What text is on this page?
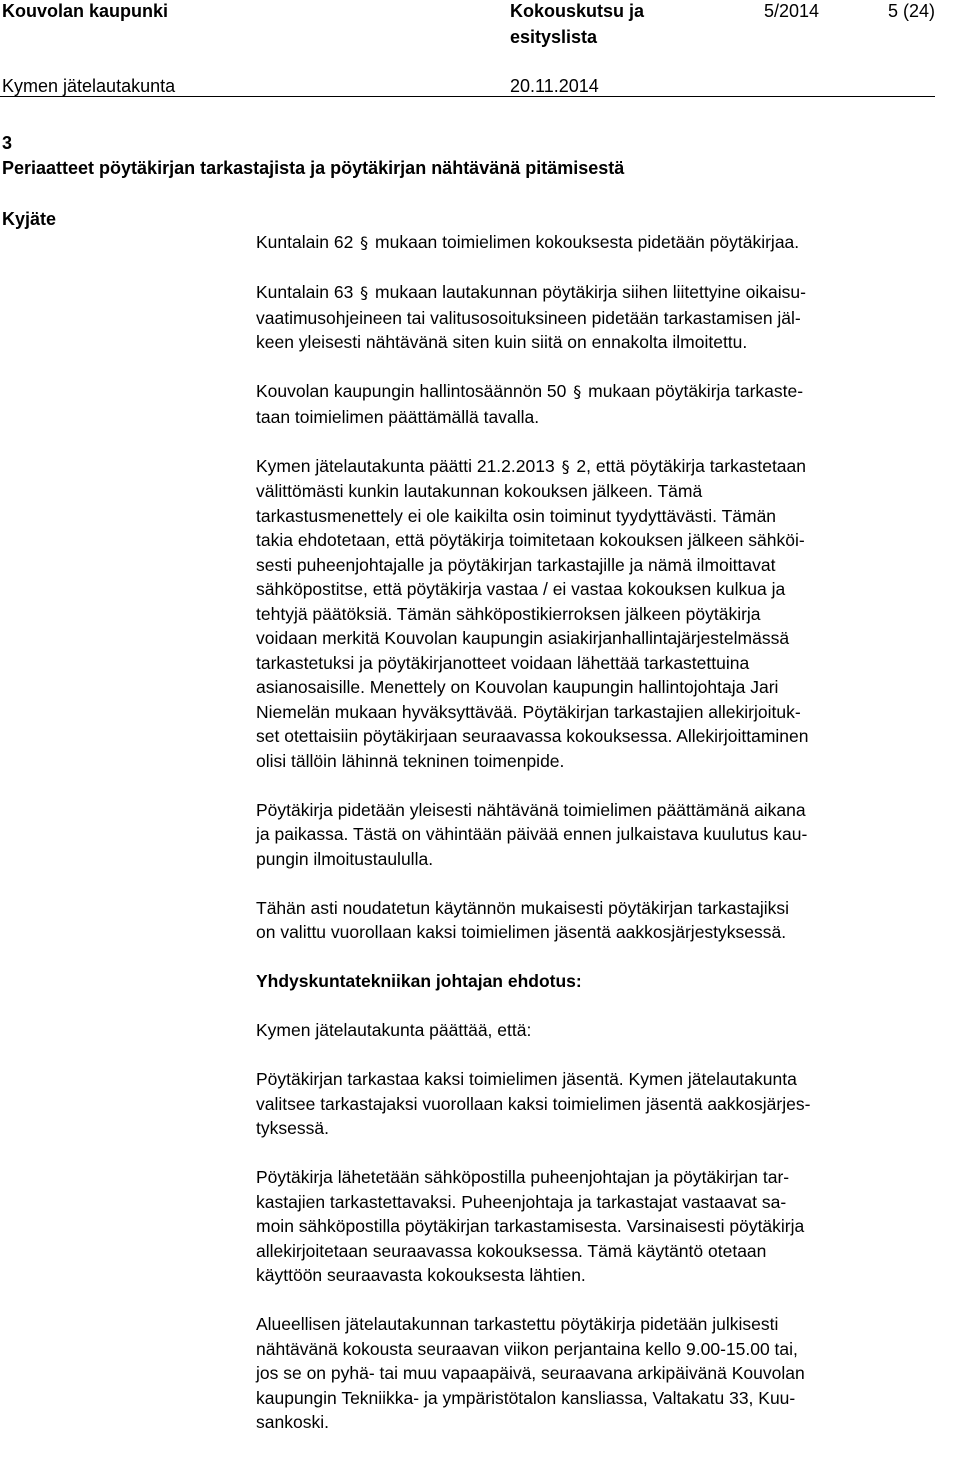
Kouvolan kaupunki	Kokouskutsu ja
esityslista
5/2014	5 (24)
Kymen jätelautakunta	20.11.2014
3
Periaatteet pöytäkirjan tarkastajista ja pöytäkirjan nähtävänä pitämisestä
Kyjäte

Kuntalain 62 § mukaan toimielimen kokouksesta pidetään pöytäkirjaa.

Kuntalain 63 § mukaan lautakunnan pöytäkirja siihen liitettyine oikaisu-
vaatimusohjeineen tai valitusosoituksineen pidetään tarkastamisen jäl-
keen yleisesti nähtävänä siten kuin siitä on ennakolta ilmoitettu.

Kouvolan kaupungin hallintosäännön 50 § mukaan pöytäkirja tarkaste-
taan toimielimen päättämällä tavalla.

Kymen jätelautakunta päätti 21.2.2013 § 2, että pöytäkirja tarkastetaan
välittömästi kunkin lautakunnan kokouksen jälkeen. Tämä
tarkastusmenettely ei ole kaikilta osin toiminut tyydyttävästi. Tämän
takia ehdotetaan, että pöytäkirja toimitetaan kokouksen jälkeen sähköi-
sesti puheenjohtajalle ja pöytäkirjan tarkastajille ja nämä ilmoittavat
sähköpostitse, että pöytäkirja vastaa / ei vastaa kokouksen kulkua ja
tehtyjä päätöksiä. Tämän sähköpostikierroksen jälkeen pöytäkirja
voidaan merkitä Kouvolan kaupungin asiakirjanhallintajärjestelmässä
tarkastetuksi ja pöytäkirjanotteet voidaan lähettää tarkastettuina
asianosaisille. Menettely on Kouvolan kaupungin hallintojohtaja Jari
Niemelän mukaan hyväksyttävää. Pöytäkirjan tarkastajien allekirjoituk-
set otettaisiin pöytäkirjaan seuraavassa kokouksessa. Allekirjoittaminen
olisi tällöin lähinnä tekninen toimenpide.

Pöytäkirja pidetään yleisesti nähtävänä toimielimen päättämänä aikana
ja paikassa. Tästä on vähintään päivää ennen julkaistava kuulutus kau-
pungin ilmoitustaululla.

Tähän asti noudatetun käytännön mukaisesti pöytäkirjan tarkastajiksi
on valittu vuorollaan kaksi toimielimen jäsentä aakkosjärjestyksessä.

Yhdyskuntatekniikan johtajan ehdotus:

Kymen jätelautakunta päättää, että:

Pöytäkirjan tarkastaa kaksi toimielimen jäsentä. Kymen jätelautakunta
valitsee tarkastajaksi vuorollaan kaksi toimielimen jäsentä aakkosjärjes-
tyksessä.

Pöytäkirja lähetetään sähköpostilla puheenjohtajan ja pöytäkirjan tar-
kastajien tarkastettavaksi. Puheenjohtaja ja tarkastajat vastaavat sa-
moin sähköpostilla pöytäkirjan tarkastamisesta. Varsinaisesti pöytäkirja
allekirjoitetaan seuraavassa kokouksessa. Tämä käytäntö otetaan
käyttöön seuraavasta kokouksesta lähtien.

Alueellisen jätelautakunnan tarkastettu pöytäkirja pidetään julkisesti
nähtävänä kokousta seuraavan viikon perjantaina kello 9.00-15.00 tai,
jos se on pyhä- tai muu vapaapäivä, seuraavana arkipäivänä Kouvolan
kaupungin Tekniikka- ja ympäristötalon kansliassa, Valtakatu 33, Kuu-
sankoski.
